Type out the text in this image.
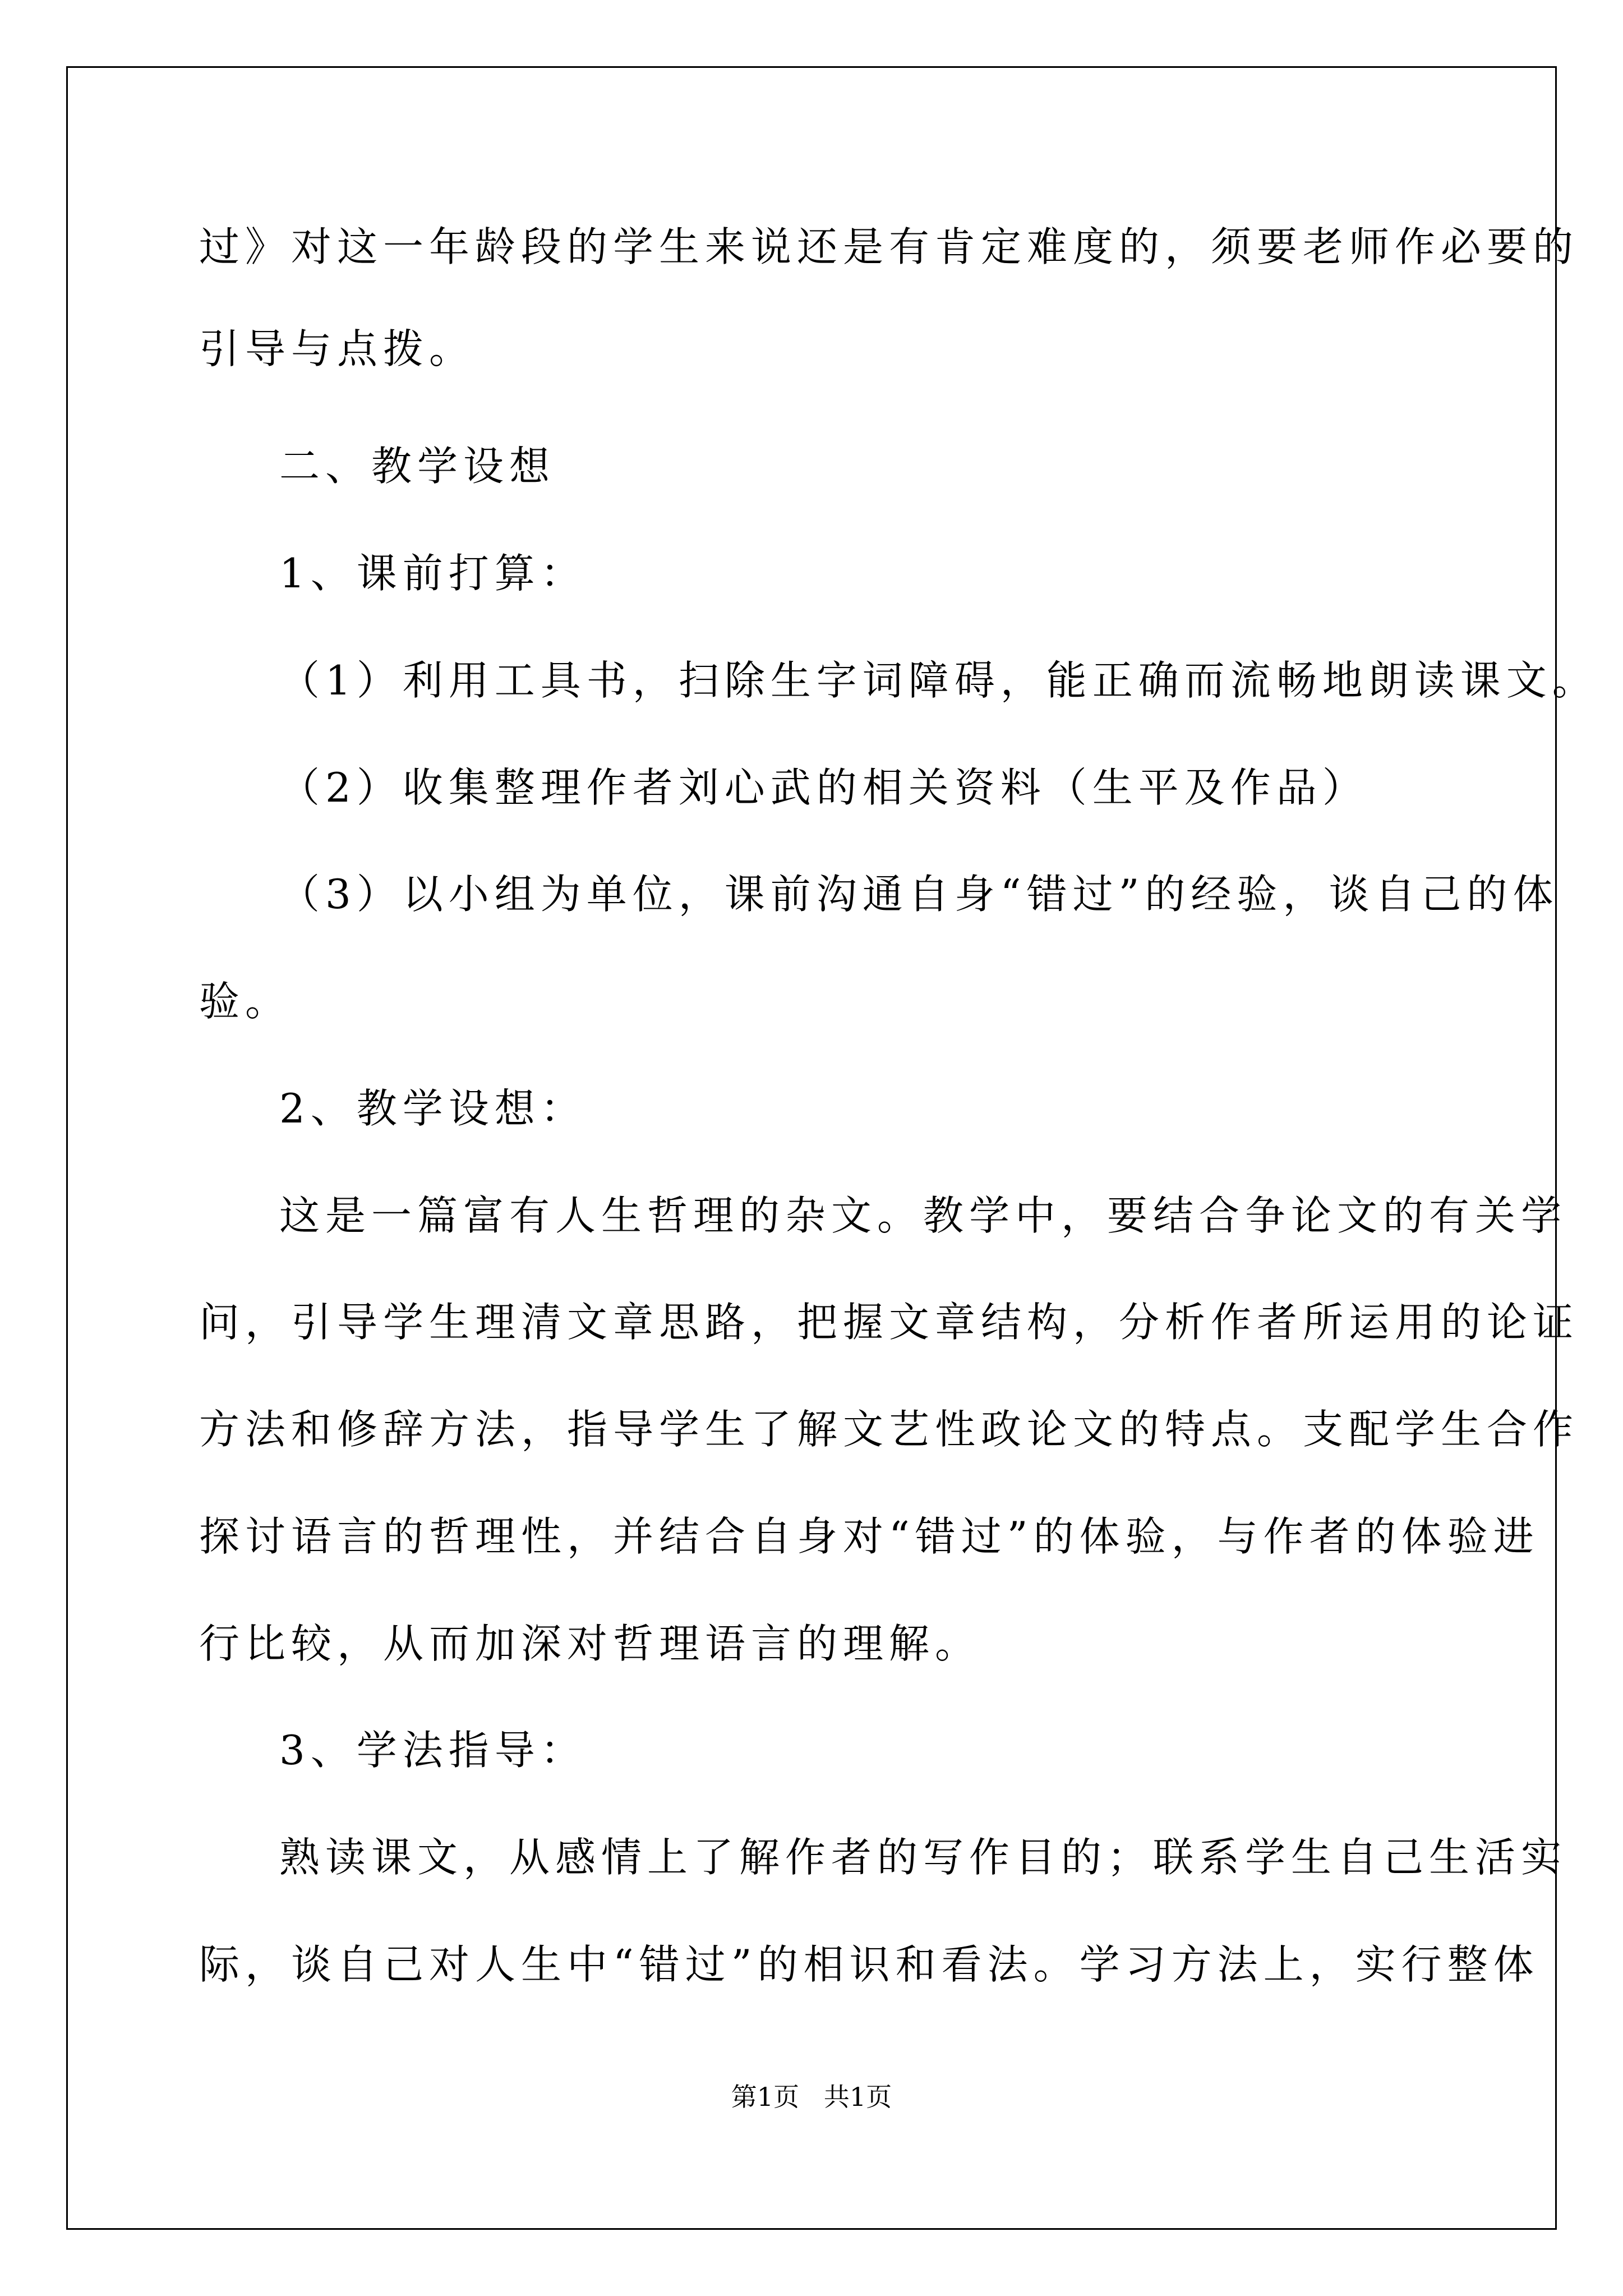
过》对这一年龄段的学生来说还是有肯定难度的，须要老师作必要的
引导与点拨。
二、教学设想
1、课前打算：
（1）利用工具书，扫除生字词障碍，能正确而流畅地朗读课文。
（2）收集整理作者刘心武的相关资料（生平及作品）
（3）以小组为单位，课前沟通自身“错过”的经验，谈自己的体
验。
2、教学设想：
这是一篇富有人生哲理的杂文。教学中，要结合争论文的有关学
问，引导学生理清文章思路，把握文章结构，分析作者所运用的论证
方法和修辞方法，指导学生了解文艺性政论文的特点。支配学生合作
探讨语言的哲理性，并结合自身对“错过”的体验，与作者的体验进
行比较，从而加深对哲理语言的理解。
3、学法指导：
熟读课文，从感情上了解作者的写作目的；联系学生自己生活实
际，谈自己对人生中“错过”的相识和看法。学习方法上，实行整体
第1页   共1页
